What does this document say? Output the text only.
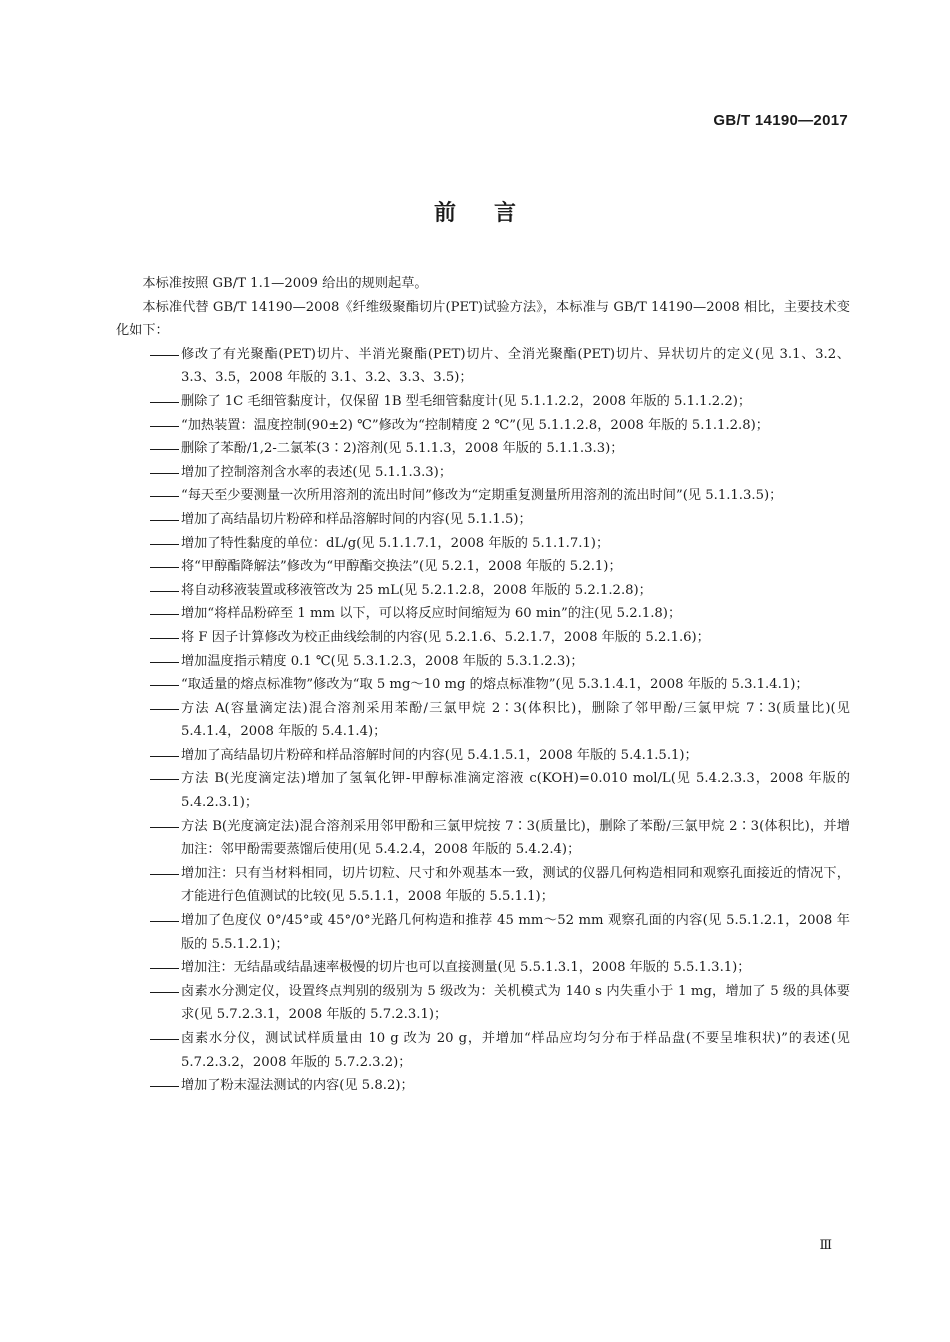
GB/T 14190—2017
前言

本标准按照 GB/T 1.1—2009 给出的规则起草。

本标准代替 GB/T 14190—2008《纤维级聚酯切片(PET)试验方法》，本标准与 GB/T 14190—2008 相比，主要技术变化如下：

修改了有光聚酯(PET)切片、半消光聚酯(PET)切片、全消光聚酯(PET)切片、异状切片的定义(见 3.1、3.2、3.3、3.5，2008 年版的 3.1、3.2、3.3、3.5)；
删除了 1C 毛细管黏度计，仅保留 1B 型毛细管黏度计(见 5.1.1.2.2，2008 年版的 5.1.1.2.2)；
“加热装置：温度控制(90±2) ℃”修改为“控制精度 2 ℃”(见 5.1.1.2.8，2008 年版的 5.1.1.2.8)；
删除了苯酚/1,2-二氯苯(3∶2)溶剂(见 5.1.1.3，2008 年版的 5.1.1.3.3)；
增加了控制溶剂含水率的表述(见 5.1.1.3.3)；
“每天至少要测量一次所用溶剂的流出时间”修改为“定期重复测量所用溶剂的流出时间”(见 5.1.1.3.5)；
增加了高结晶切片粉碎和样品溶解时间的内容(见 5.1.1.5)；
增加了特性黏度的单位：dL/g(见 5.1.1.7.1，2008 年版的 5.1.1.7.1)；
将“甲醇酯降解法”修改为“甲醇酯交换法”(见 5.2.1，2008 年版的 5.2.1)；
将自动移液装置或移液管改为 25 mL(见 5.2.1.2.8，2008 年版的 5.2.1.2.8)；
增加“将样品粉碎至 1 mm 以下，可以将反应时间缩短为 60 min”的注(见 5.2.1.8)；
将 F 因子计算修改为校正曲线绘制的内容(见 5.2.1.6、5.2.1.7，2008 年版的 5.2.1.6)；
增加温度指示精度 0.1 ℃(见 5.3.1.2.3，2008 年版的 5.3.1.2.3)；
“取适量的熔点标准物”修改为“取 5 mg～10 mg 的熔点标准物”(见 5.3.1.4.1，2008 年版的 5.3.1.4.1)；
方法 A(容量滴定法)混合溶剂采用苯酚/三氯甲烷 2∶3(体积比)，删除了邻甲酚/三氯甲烷 7∶3(质量比)(见 5.4.1.4，2008 年版的 5.4.1.4)；
增加了高结晶切片粉碎和样品溶解时间的内容(见 5.4.1.5.1，2008 年版的 5.4.1.5.1)；
方法 B(光度滴定法)增加了氢氧化钾-甲醇标准滴定溶液 c(KOH)=0.010 mol/L(见 5.4.2.3.3，2008 年版的 5.4.2.3.1)；
方法 B(光度滴定法)混合溶剂采用邻甲酚和三氯甲烷按 7∶3(质量比)，删除了苯酚/三氯甲烷 2∶3(体积比)，并增加注：邻甲酚需要蒸馏后使用(见 5.4.2.4，2008 年版的 5.4.2.4)；
增加注：只有当材料相同，切片切粒、尺寸和外观基本一致，测试的仪器几何构造相同和观察孔面接近的情况下，才能进行色值测试的比较(见 5.5.1.1，2008 年版的 5.5.1.1)；
增加了色度仪 0°/45°或 45°/0°光路几何构造和推荐 45 mm～52 mm 观察孔面的内容(见 5.5.1.2.1，2008 年版的 5.5.1.2.1)；
增加注：无结晶或结晶速率极慢的切片也可以直接测量(见 5.5.1.3.1，2008 年版的 5.5.1.3.1)；
卤素水分测定仪，设置终点判别的级别为 5 级改为：关机模式为 140 s 内失重小于 1 mg，增加了 5 级的具体要求(见 5.7.2.3.1，2008 年版的 5.7.2.3.1)；
卤素水分仪，测试试样质量由 10 g 改为 20 g，并增加“样品应均匀分布于样品盘(不要呈堆积状)”的表述(见 5.7.2.3.2，2008 年版的 5.7.2.3.2)；
增加了粉末湿法测试的内容(见 5.8.2)；
Ⅲ
